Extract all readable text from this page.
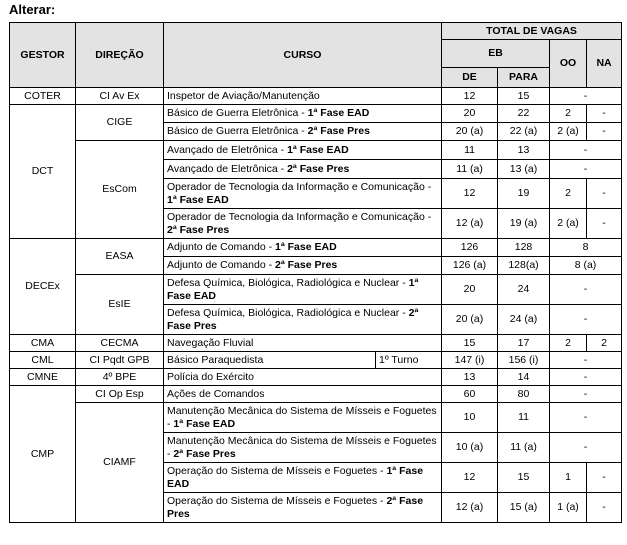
Alterar:
GESTOR	DIREÇÃO	CURSO		TOTAL DE VAGAS			
				EB		OO	NA
				DE	PARA		
COTER	CI Av Ex	Inspetor de Aviação/Manutenção		12	15	-	
DCT	CIGE	Básico de Guerra Eletrônica - 1ª Fase EAD		20	22	2	-
		Básico de Guerra Eletrônica - 2ª Fase Pres		20 (a)	22 (a)	2 (a)	-
	EsCom	Avançado de Eletrônica - 1ª Fase EAD		11	13	-	
		Avançado de Eletrônica - 2ª Fase Pres		11 (a)	13 (a)	-	
		Operador de Tecnologia da Informação e Comunicação - 1ª Fase EAD		12	19	2	-
		Operador de Tecnologia da Informação e Comunicação - 2ª Fase Pres		12 (a)	19 (a)	2 (a)	-
DECEx	EASA	Adjunto de Comando - 1ª Fase EAD		126	128	8	
		Adjunto de Comando - 2ª Fase Pres		126 (a)	128(a)	8 (a)	
	EsIE	Defesa Química, Biológica, Radiológica e Nuclear - 1ª Fase EAD		20	24	-	
		Defesa Química, Biológica, Radiológica e Nuclear - 2ª Fase Pres		20 (a)	24 (a)	-	
CMA	CECMA	Navegação Fluvial		15	17	2	2
CML	CI Pqdt GPB	Básico Paraquedista	1º Turno	147 (i)	156 (i)	-	
CMNE	4º BPE	Polícia do Exército		13	14	-	
CMP	CI Op Esp	Ações de Comandos		60	80	-	
	CIAMF	Manutenção Mecânica do Sistema de Mísseis e Foguetes - 1ª Fase EAD		10	11	-	
		Manutenção Mecânica do Sistema de Mísseis e Foguetes - 2ª Fase Pres		10 (a)	11 (a)	-	
		Operação do Sistema de Mísseis e Foguetes - 1ª Fase EAD		12	15	1	-
		Operação do Sistema de Mísseis e Foguetes - 2ª Fase Pres		12 (a)	15 (a)	1 (a)	-
